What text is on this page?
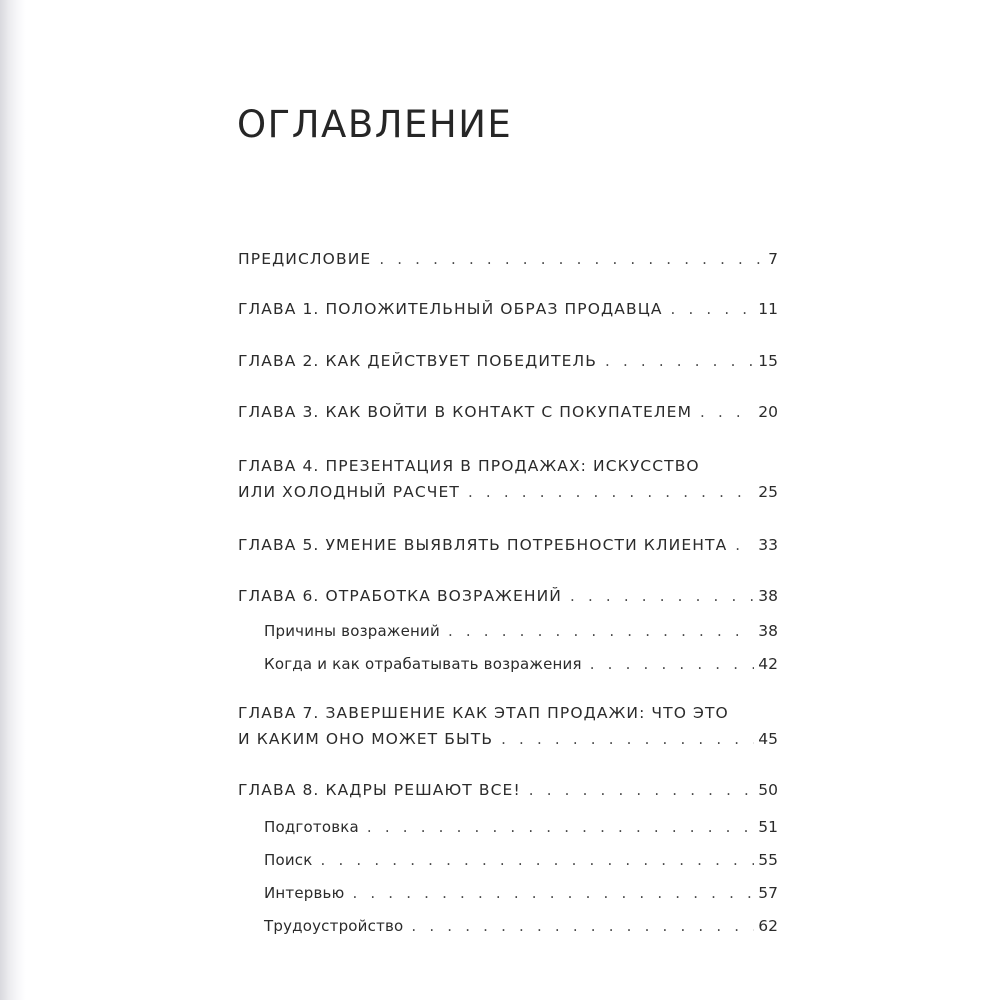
ОГЛАВЛЕНИЕ
ПРЕДИСЛОВИЕ . . .	7
ГЛАВА 1. ПОЛОЖИТЕЛЬНЫЙ ОБРАЗ ПРОДАВЦА . . .	11
ГЛАВА 2. КАК ДЕЙСТВУЕТ ПОБЕДИТЕЛЬ . . .	15
ГЛАВА 3. КАК ВОЙТИ В КОНТАКТ С ПОКУПАТЕЛЕМ . . .	20
ГЛАВА 4. ПРЕЗЕНТАЦИЯ В ПРОДАЖАХ: ИСКУССТВО
ИЛИ ХОЛОДНЫЙ РАСЧЕТ . . .	25
ГЛАВА 5. УМЕНИЕ ВЫЯВЛЯТЬ ПОТРЕБНОСТИ КЛИЕНТА . . . 33
ГЛАВА 6. ОТРАБОТКА ВОЗРАЖЕНИЙ . . .	38
Причины возражений . . .	38
Когда и как отрабатывать возражения . . .	42
ГЛАВА 7. ЗАВЕРШЕНИЕ КАК ЭТАП ПРОДАЖИ: ЧТО ЭТО
И КАКИМ ОНО МОЖЕТ БЫТЬ . . .	45
ГЛАВА 8. КАДРЫ РЕШАЮТ ВСЕ! . . .	50
Подготовка . . .	51
Поиск . . .	55
Интервью . . .	57
Трудоустройство . . .	62
